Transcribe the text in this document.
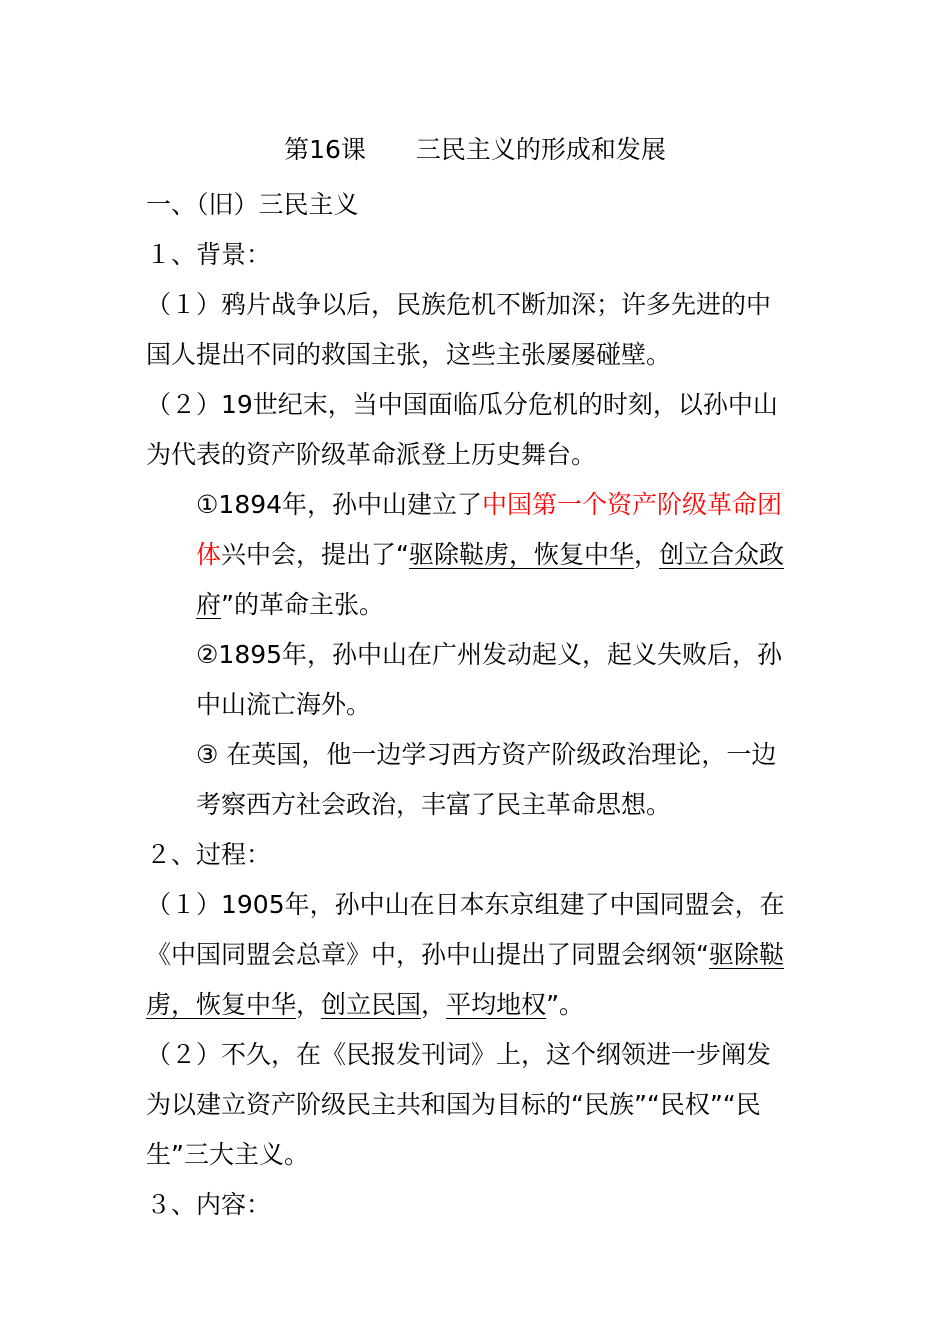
第16课　　三民主义的形成和发展

一、（旧）三民主义

１、背景：

（１）鸦片战争以后，民族危机不断加深；许多先进的中国人提出不同的救国主张，这些主张屡屡碰壁。

（２）19世纪末，当中国面临瓜分危机的时刻，以孙中山为代表的资产阶级革命派登上历史舞台。

①1894年，孙中山建立了中国第一个资产阶级革命团体兴中会，提出了“驱除鞑虏，恢复中华，创立合众政府”的革命主张。

②1895年，孙中山在广州发动起义，起义失败后，孙中山流亡海外。

③ 在英国，他一边学习西方资产阶级政治理论，一边考察西方社会政治，丰富了民主革命思想。

２、过程：

（１）1905年，孙中山在日本东京组建了中国同盟会，在《中国同盟会总章》中，孙中山提出了同盟会纲领“驱除鞑虏，恢复中华，创立民国，平均地权”。

（２）不久，在《民报发刊词》上，这个纲领进一步阐发为以建立资产阶级民主共和国为目标的“民族”“民权”“民生”三大主义。

３、内容：
